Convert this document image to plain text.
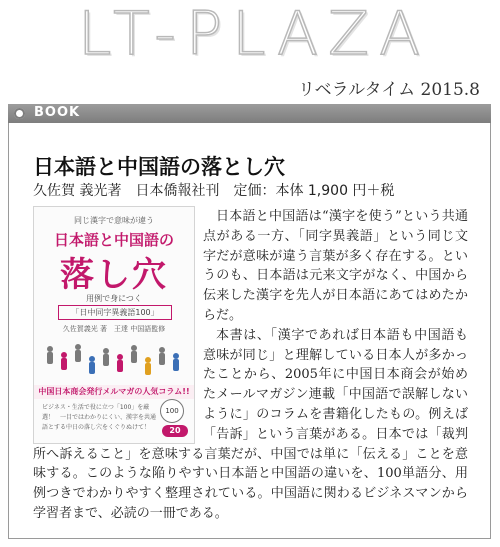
LT-PLAZA
リベラルタイム 2015.8
BOOK
日本語と中国語の落とし穴
久佐賀 義光著　日本僑報社刊　定価：本体 1,900 円＋税

日本語と中国語は“漢字を使う”という共通点がある一方、「同字異義語」という同じ文字だが意味が違う言葉が多く存在する。というのも、日本語は元来文字がなく、中国から伝来した漢字を先人が日本語にあてはめたからだ。

本書は、「漢字であれば日本語も中国語も意味が同じ」と理解している日本人が多かったことから、2005年に中国日本商会が始めたメールマガジン連載「中国語で誤解しないように」のコラムを書籍化したもの。例えば「告訴」という言葉がある。日本では「裁判所へ訴えること」を意味する言葉だが、中国では単に「伝える」ことを意味する。このような陥りやすい日本語と中国語の違いを、100単語分、用例つきでわかりやすく整理されている。中国語に関わるビジネスマンから学習者まで、必読の一冊である。

同じ漢字で意味が違う
日本語と中国語の
落し穴
用例で身につく
「日中同字異義語100」
久佐賀義光 著　王達 中国語監修
中国日本商会発行メルマガの人気コラム!!
ビジネス・生活で役に立つ「100」を厳選！　一目ではわかりにくい、漢字を共通語とする中日の落し穴をくぐりぬけて！
100
20
